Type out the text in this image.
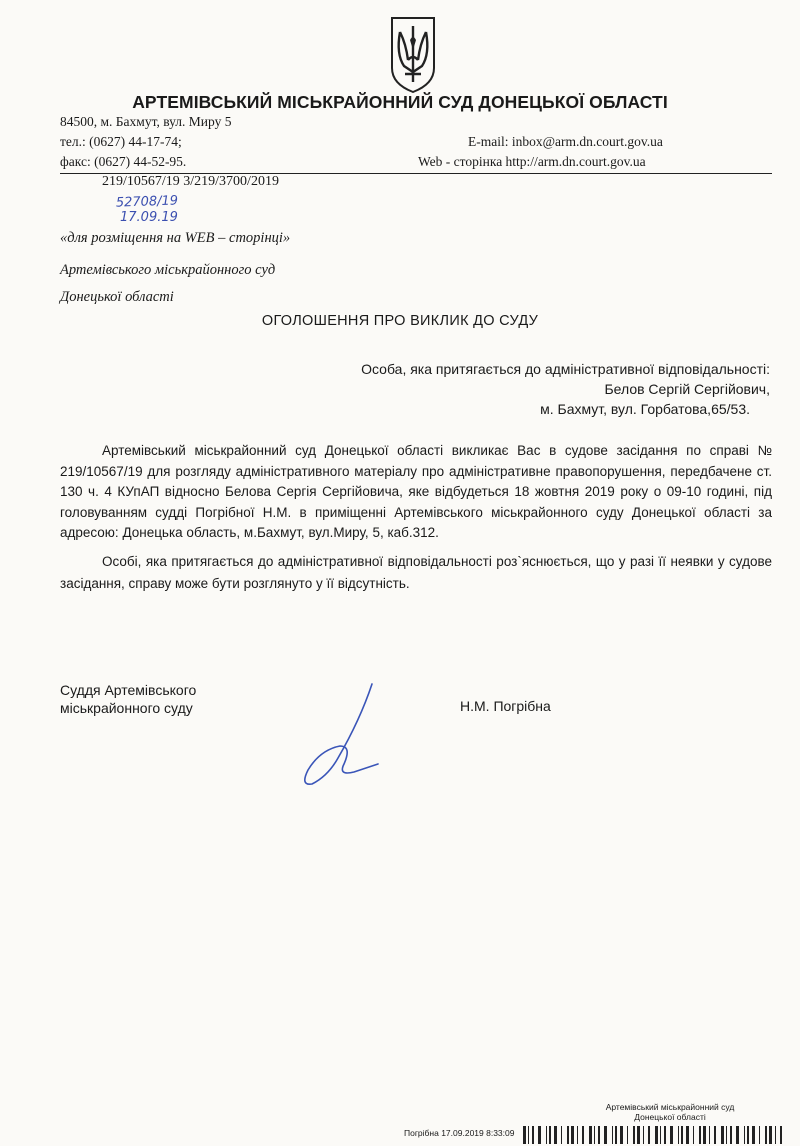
АРТЕМІВСЬКИЙ МІСЬКРАЙОННИЙ СУД ДОНЕЦЬКОЇ ОБЛАСТІ
84500, м. Бахмут, вул. Миру 5
тел.: (0627) 44-17-74;
факс: (0627) 44-52-95.
E-mail: inbox@arm.dn.court.gov.ua
Web - сторінка http://arm.dn.court.gov.ua
219/10567/19 3/219/3700/2019
52708/19
17.09.19
«для розміщення на WEB – сторінці»
Артемівського міськрайонного суд
Донецької області
ОГОЛОШЕННЯ ПРО ВИКЛИК ДО СУДУ
Особа, яка притягається до адміністративної відповідальності:
Белов Сергій Сергійович,
м. Бахмут, вул. Горбатова,65/53.
Артемівський міськрайонний суд Донецької області викликає Вас в судове засідання по справі № 219/10567/19 для розгляду адміністративного матеріалу про адміністративне правопорушення, передбачене ст. 130 ч. 4 КУпАП відносно Белова Сергія Сергійовича, яке відбудеться 18 жовтня 2019 року о 09-10 годині, під головуванням судді Погрібної Н.М. в приміщенні Артемівського міськрайонного суду Донецької області за адресою: Донецька область, м.Бахмут, вул.Миру, 5, каб.312.
Особі, яка притягається до адміністративної відповідальності роз`яснюється, що у разі її неявки у судове засідання, справу може бути розглянуто у її відсутність.
Суддя Артемівського
міськрайонного суду	Н.М. Погрібна
Артемівський міськрайонний суд
Донецької області
Погрібна 17.09.2019 8:33:09
